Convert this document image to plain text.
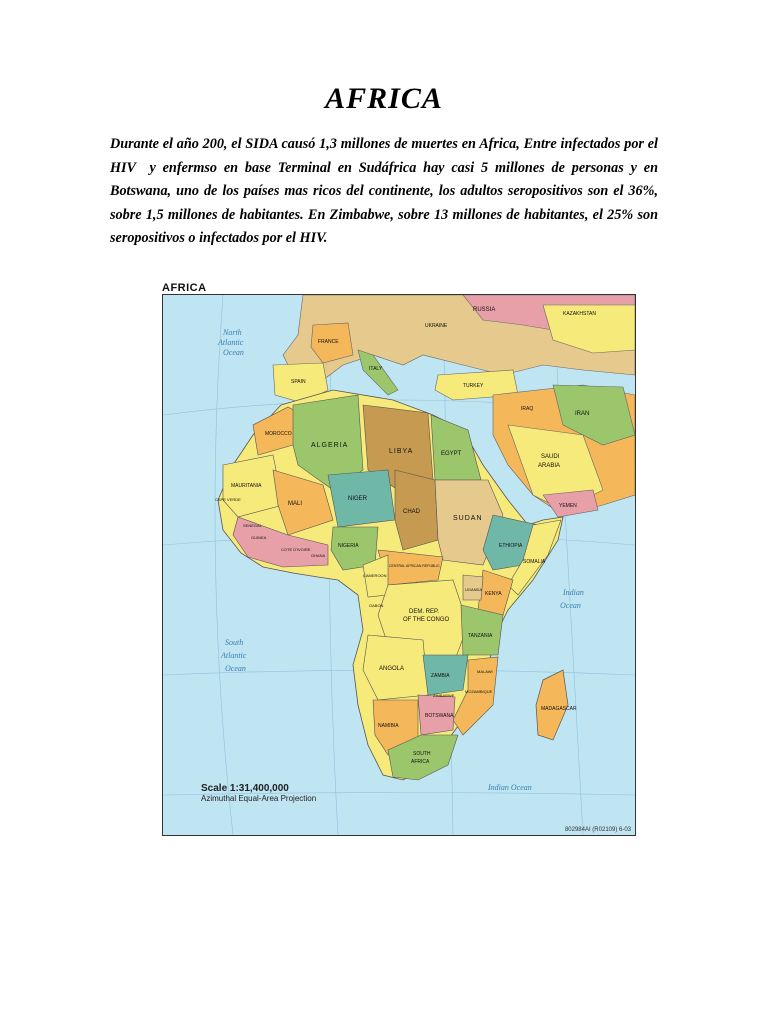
AFRICA

Durante el año 200, el SIDA causó 1,3 millones de muertes en Africa, Entre infectados por el HIV  y enfermso en base Terminal en Sudáfrica hay casi 5 millones de personas y en Botswana, uno de los países mas ricos del continente, los adultos seropositivos son el 36%, sobre 1,5 millones de habitantes. En Zimbabwe, sobre 13 millones de habitantes, el 25% son seropositivos o infectados por el HIV.

AFRICA
North
Atlantic
Ocean
South
Atlantic
Ocean
Indian
Ocean
Indian Ocean
RUSSIA
KAZAKHSTAN
UKRAINE
FRANCE
SPAIN
ITALY
TURKEY
IRAQ
IRAN
SAUDI
ARABIA
YEMEN
MOROCCO
ALGERIA
LIBYA	EGYPT
MAURITANIA
MALI
NIGER
CHAD
SUDAN
ETHIOPIA
SOMALIA
CAPE VERDE
SENEGAL
GUINEA
COTE D'IVOIRE
GHANA
NIGERIA
CAMEROON
CENTRAL AFRICAN REPUBLIC
GABON
DEM. REP.
OF THE CONGO
UGANDA
KENYA
TANZANIA
ANGOLA
ZAMBIA
MALAWI
ZIMBABWE
MOZAMBIQUE
BOTSWANA
NAMIBIA
SOUTH
AFRICA
MADAGASCAR
Scale 1:31,400,000
Azimuthal Equal-Area Projection
802984AI (R02109) 6-03
